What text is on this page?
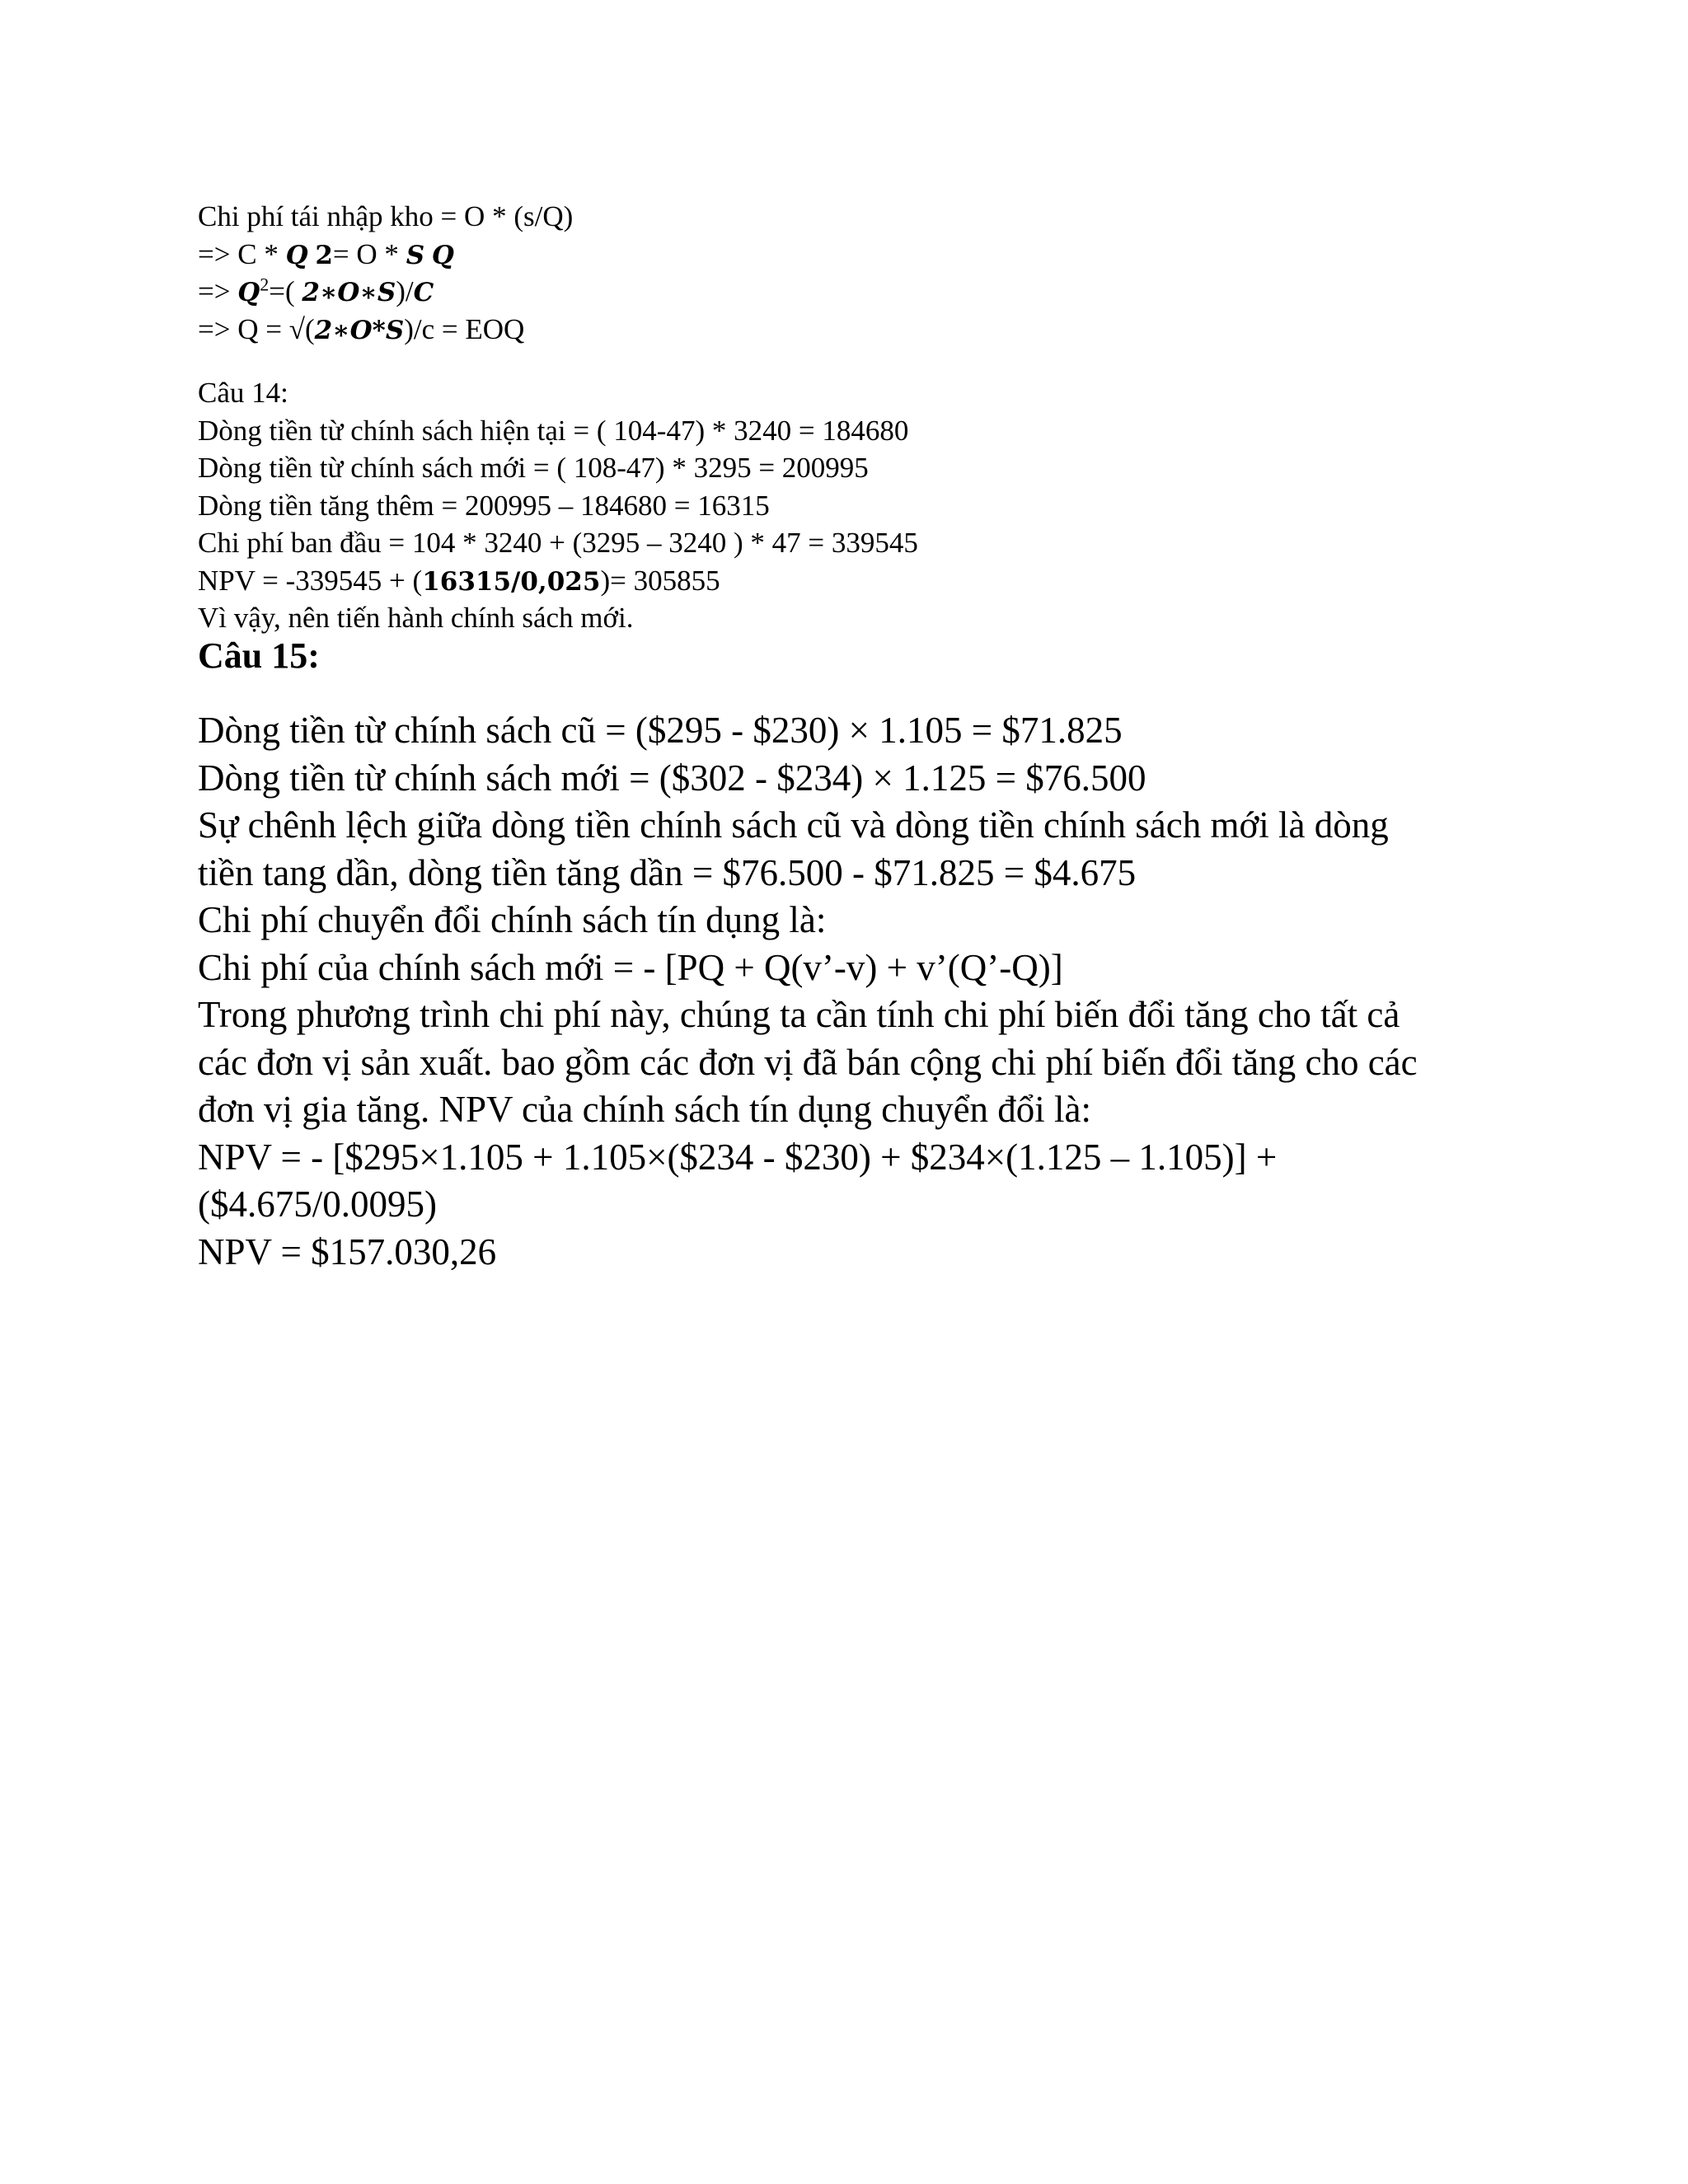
Chi phí tái nhập kho = O * (s/Q)
=> C * Q 2= O * S Q
=> $Q^2=$( 2∗O∗S)/C
=> Q = √(2∗O*S)/c = EOQ
Câu 14:
Dòng tiền từ chính sách hiện tại = ( 104-47) * 3240 = 184680
Dòng tiền từ chính sách mới = ( 108-47) * 3295 = 200995
Dòng tiền tăng thêm = 200995 – 184680 = 16315
Chi phí ban đầu = 104 * 3240 + (3295 – 3240 ) * 47 = 339545
NPV = -339545 + (16315/0,025)= 305855
Vì vậy, nên tiến hành chính sách mới.
Câu 15:
Dòng tiền từ chính sách cũ = ($295 - $230) × 1.105 = $71.825
Dòng tiền từ chính sách mới = ($302 - $234) × 1.125 = $76.500
Sự chênh lệch giữa dòng tiền chính sách cũ và dòng tiền chính sách mới là dòng
tiền tang dần, dòng tiền tăng dần = $76.500 - $71.825 = $4.675
Chi phí chuyển đổi chính sách tín dụng là:
Chi phí của chính sách mới = - [PQ + Q(v’-v) + v’(Q’-Q)]
Trong phương trình chi phí này, chúng ta cần tính chi phí biến đổi tăng cho tất cả
các đơn vị sản xuất. bao gồm các đơn vị đã bán cộng chi phí biến đổi tăng cho các
đơn vị gia tăng. NPV của chính sách tín dụng chuyển đổi là:
NPV = - [$295×1.105 + 1.105×($234 - $230) + $234×(1.125 – 1.105)] +
($4.675/0.0095)
NPV = $157.030,26
